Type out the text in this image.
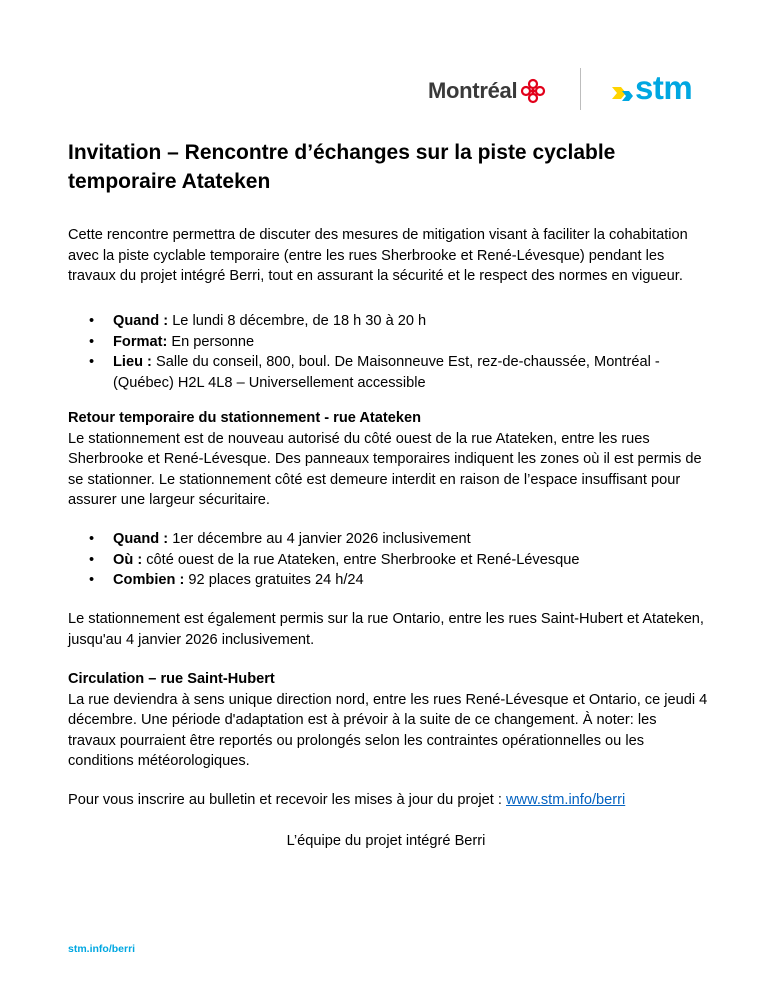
Montréal	stm
Invitation – Rencontre d’échanges sur la piste cyclable temporaire Atateken

Cette rencontre permettra de discuter des mesures de mitigation visant à faciliter la cohabitation avec la piste cyclable temporaire (entre les rues Sherbrooke et René-Lévesque) pendant les travaux du projet intégré Berri, tout en assurant la sécurité et le respect des normes en vigueur.

• Quand : Le lundi 8 décembre, de 18 h 30 à 20 h
• Format: En personne
• Lieu : Salle du conseil, 800, boul. De Maisonneuve Est, rez-de-chaussée, Montréal - (Québec) H2L 4L8 – Universellement accessible
Retour temporaire du stationnement - rue Atateken
Le stationnement est de nouveau autorisé du côté ouest de la rue Atateken, entre les rues Sherbrooke et René-Lévesque. Des panneaux temporaires indiquent les zones où il est permis de se stationner. Le stationnement côté est demeure interdit en raison de l’espace insuffisant pour assurer une largeur sécuritaire.
• Quand : 1er décembre au 4 janvier 2026 inclusivement
• Où : côté ouest de la rue Atateken, entre Sherbrooke et René-Lévesque
• Combien : 92 places gratuites 24 h/24

Le stationnement est également permis sur la rue Ontario, entre les rues Saint-Hubert et Atateken, jusqu'au 4 janvier 2026 inclusivement.

Circulation – rue Saint-Hubert
La rue deviendra à sens unique direction nord, entre les rues René-Lévesque et Ontario, ce jeudi 4 décembre. Une période d'adaptation est à prévoir à la suite de ce changement. À noter: les travaux pourraient être reportés ou prolongés selon les contraintes opérationnelles ou les conditions météorologiques.

Pour vous inscrire au bulletin et recevoir les mises à jour du projet : www.stm.info/berri

L’équipe du projet intégré Berri
stm.info/berri
